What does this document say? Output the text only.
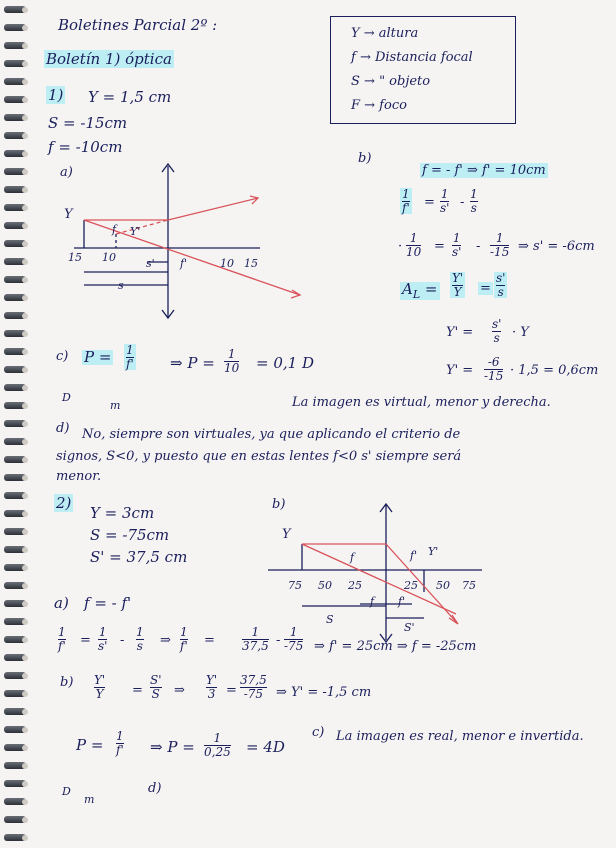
Boletines Parcial 2º :
Boletín 1) óptica
Y → altura
f → Distancia focal
S → " objeto
F → foco
1) Y = 1,5 cm
S = -15cm
f = -10cm
a)
Y
Y'
f
15 10	s' f'	10 15
s
b)
f = - f' ⇒ f' = 10cm
1
f' =
1
s' -
1
s
·
1
10 =
1
s' -
1
-15 ⇒ s' = -6cm
$A_L$ =
Y'
Y =
s'
s
Y' =
s'
s · Y
Y' =
-6
-15 · 1,5 = 0,6cm
c) P = 1
f' ⇒ P = 1
10 = 0,1 D
D
m	La imagen es virtual, menor y derecha.
d) No, siempre son virtuales, ya que aplicando el criterio de
signos, S<0, y puesto que en estas lentes f<0 s' siempre será
menor.
2)
Y = 3cm
S = -75cm
S' = 37,5 cm
b)
Y
f	f' Y'
75 50 25	25 50 75
f f'
S
S'
a) f = - f'
1
f' =
1
s' -
1
s ⇒
1
f' =
1
37,5 -
1
-75 ⇒ f' = 25cm ⇒ f = -25cm
b) Y'
Y =
S'
S ⇒
Y'
3 =
37,5
-75 ⇒ Y' = -1,5 cm
c) La imagen es real, menor e invertida.
P = 1
f' ⇒ P = 1
0,25 = 4D
D
m
d)
